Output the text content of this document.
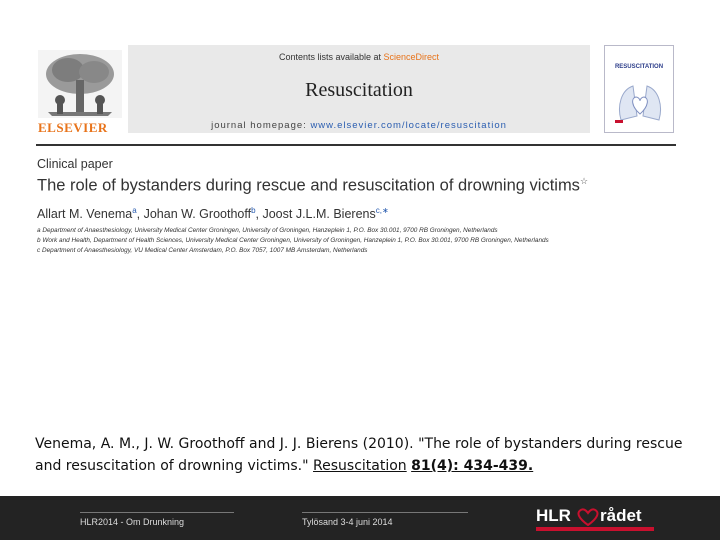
ELSEVIER
Contents lists available at ScienceDirect
Resuscitation
journal homepage: www.elsevier.com/locate/resuscitation
RESUSCITATION
Clinical paper
The role of bystanders during rescue and resuscitation of drowning victims☆
Allart M. Venema$^a$, Johan W. Groothoff$^b$, Joost J.L.M. Bierens$^{c,∗}$
a Department of Anaesthesiology, University Medical Center Groningen, University of Groningen, Hanzeplein 1, P.O. Box 30.001, 9700 RB Groningen, Netherlands
b Work and Health, Department of Health Sciences, University Medical Center Groningen, University of Groningen, Hanzeplein 1, P.O. Box 30.001, 9700 RB Groningen, Netherlands
c Department of Anaesthesiology, VU Medical Center Amsterdam, P.O. Box 7057, 1007 MB Amsterdam, Netherlands
Venema, A. M., J. W. Groothoff and J. J. Bierens (2010). "The role of bystanders during rescue and resuscitation of drowning victims." Resuscitation 81(4): 434-439.
HLR2014 - Om Drunkning	Tylösand 3-4 juni 2014	HLR rådet
